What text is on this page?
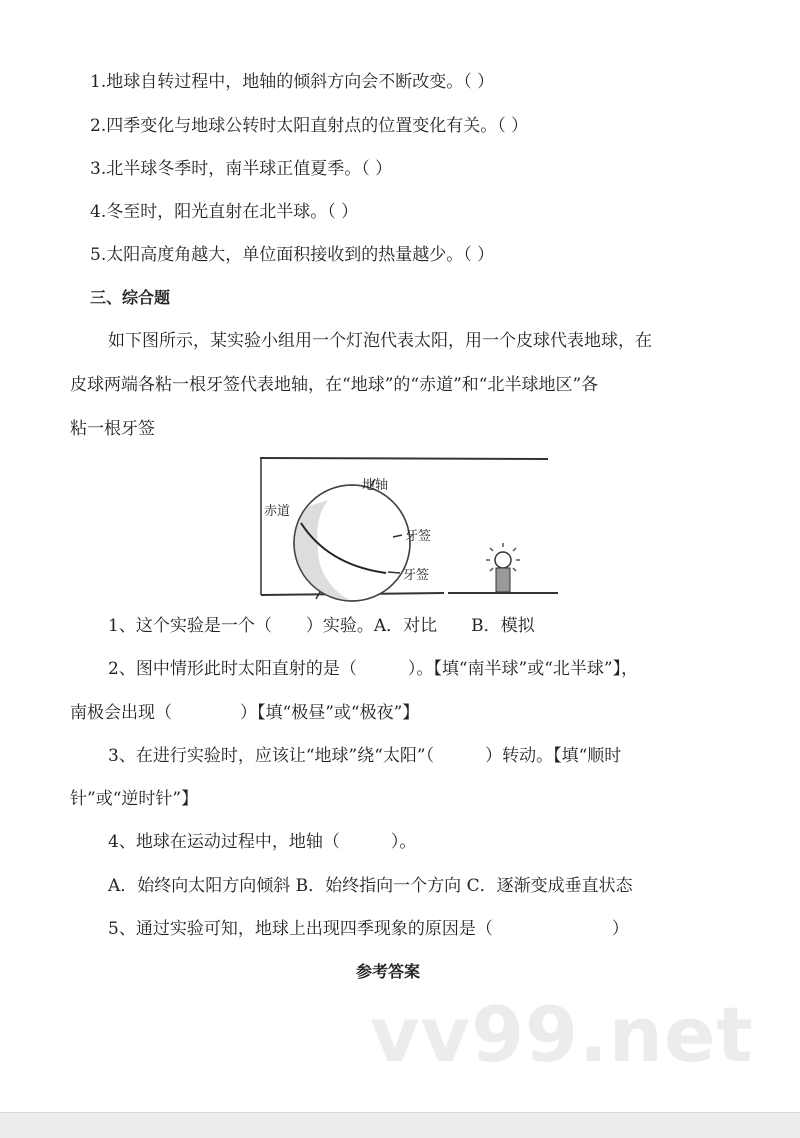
1.地球自转过程中，地轴的倾斜方向会不断改变。（ ）
2.四季变化与地球公转时太阳直射点的位置变化有关。（ ）
3.北半球冬季时，南半球正值夏季。（ ）
4.冬至时，阳光直射在北半球。（ ）
5.太阳高度角越大，单位面积接收到的热量越少。（ ）
三、综合题
如下图所示，某实验小组用一个灯泡代表太阳，用一个皮球代表地球，在
皮球两端各粘一根牙签代表地轴，在“地球”的“赤道”和“北半球地区”各
粘一根牙签
地轴
赤道
牙签
牙签
1、这个实验是一个（　　）实验。A．对比　　B．模拟
2、图中情形此时太阳直射的是（　　　）。【填“南半球”或“北半球”】，
南极会出现（　　　　）【填“极昼”或“极夜”】
3、在进行实验时，应该让“地球”绕“太阳”（　　　）转动。【填“顺时
针”或“逆时针”】
4、地球在运动过程中，地轴（　　　）。
A．始终向太阳方向倾斜 B．始终指向一个方向 C．逐渐变成垂直状态
5、通过实验可知，地球上出现四季现象的原因是（　　　　　　　）
参考答案
vv99.net
